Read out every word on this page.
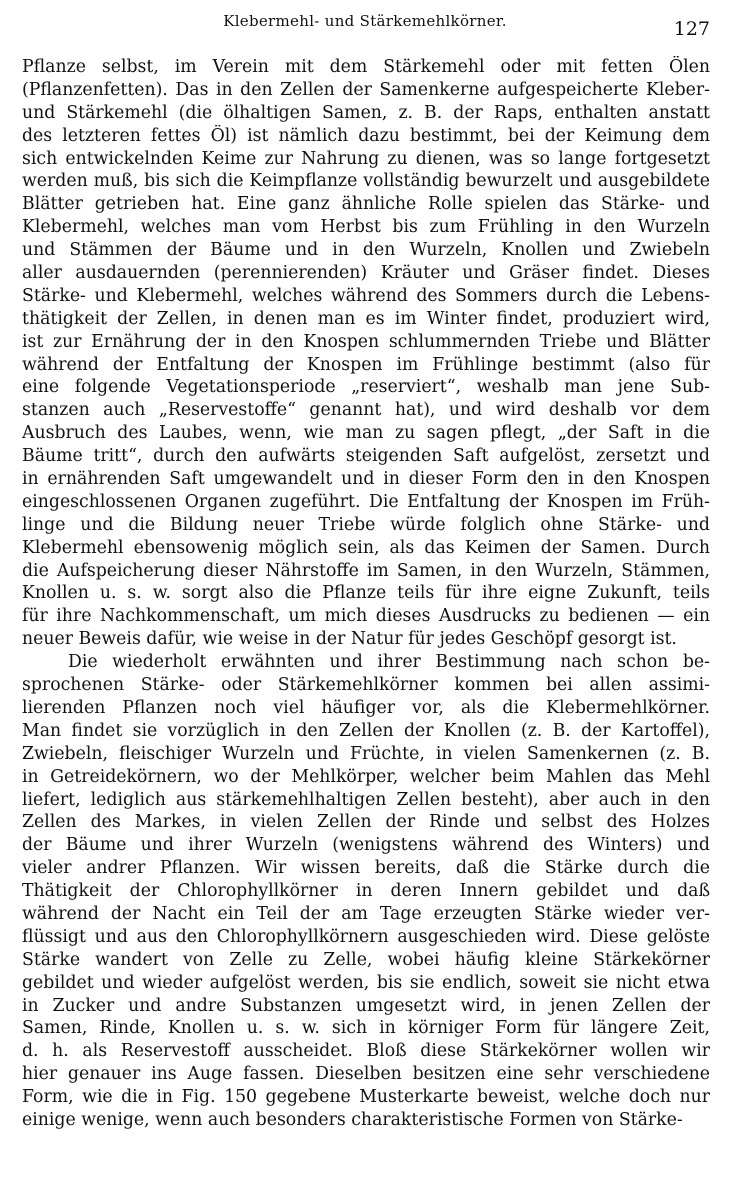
Klebermehl- und Stärkemehlkörner.	127
Pflanze selbst, im Verein mit dem Stärkemehl oder mit fetten Ölen
(Pflanzenfetten). Das in den Zellen der Samenkerne aufgespeicherte Kleber-
und Stärkemehl (die ölhaltigen Samen, z. B. der Raps, enthalten anstatt
des letzteren fettes Öl) ist nämlich dazu bestimmt, bei der Keimung dem
sich entwickelnden Keime zur Nahrung zu dienen, was so lange fortgesetzt
werden muß, bis sich die Keimpflanze vollständig bewurzelt und ausgebildete
Blätter getrieben hat. Eine ganz ähnliche Rolle spielen das Stärke- und
Klebermehl, welches man vom Herbst bis zum Frühling in den Wurzeln
und Stämmen der Bäume und in den Wurzeln, Knollen und Zwiebeln
aller ausdauernden (perennierenden) Kräuter und Gräser findet. Dieses
Stärke- und Klebermehl, welches während des Sommers durch die Lebens-
thätigkeit der Zellen, in denen man es im Winter findet, produziert wird,
ist zur Ernährung der in den Knospen schlummernden Triebe und Blätter
während der Entfaltung der Knospen im Frühlinge bestimmt (also für
eine folgende Vegetationsperiode „reserviert“, weshalb man jene Sub-
stanzen auch „Reservestoffe“ genannt hat), und wird deshalb vor dem
Ausbruch des Laubes, wenn, wie man zu sagen pflegt, „der Saft in die
Bäume tritt“, durch den aufwärts steigenden Saft aufgelöst, zersetzt und
in ernährenden Saft umgewandelt und in dieser Form den in den Knospen
eingeschlossenen Organen zugeführt. Die Entfaltung der Knospen im Früh-
linge und die Bildung neuer Triebe würde folglich ohne Stärke- und
Klebermehl ebensowenig möglich sein, als das Keimen der Samen. Durch
die Aufspeicherung dieser Nährstoffe im Samen, in den Wurzeln, Stämmen,
Knollen u. s. w. sorgt also die Pflanze teils für ihre eigne Zukunft, teils
für ihre Nachkommenschaft, um mich dieses Ausdrucks zu bedienen — ein
neuer Beweis dafür, wie weise in der Natur für jedes Geschöpf gesorgt ist.
Die wiederholt erwähnten und ihrer Bestimmung nach schon be-
sprochenen Stärke- oder Stärkemehlkörner kommen bei allen assimi-
lierenden Pflanzen noch viel häufiger vor, als die Klebermehlkörner.
Man findet sie vorzüglich in den Zellen der Knollen (z. B. der Kartoffel),
Zwiebeln, fleischiger Wurzeln und Früchte, in vielen Samenkernen (z. B.
in Getreidekörnern, wo der Mehlkörper, welcher beim Mahlen das Mehl
liefert, lediglich aus stärkemehlhaltigen Zellen besteht), aber auch in den
Zellen des Markes, in vielen Zellen der Rinde und selbst des Holzes
der Bäume und ihrer Wurzeln (wenigstens während des Winters) und
vieler andrer Pflanzen. Wir wissen bereits, daß die Stärke durch die
Thätigkeit der Chlorophyllkörner in deren Innern gebildet und daß
während der Nacht ein Teil der am Tage erzeugten Stärke wieder ver-
flüssigt und aus den Chlorophyllkörnern ausgeschieden wird. Diese gelöste
Stärke wandert von Zelle zu Zelle, wobei häufig kleine Stärkekörner
gebildet und wieder aufgelöst werden, bis sie endlich, soweit sie nicht etwa
in Zucker und andre Substanzen umgesetzt wird, in jenen Zellen der
Samen, Rinde, Knollen u. s. w. sich in körniger Form für längere Zeit,
d. h. als Reservestoff ausscheidet. Bloß diese Stärkekörner wollen wir
hier genauer ins Auge fassen. Dieselben besitzen eine sehr verschiedene
Form, wie die in Fig. 150 gegebene Musterkarte beweist, welche doch nur
einige wenige, wenn auch besonders charakteristische Formen von Stärke-
